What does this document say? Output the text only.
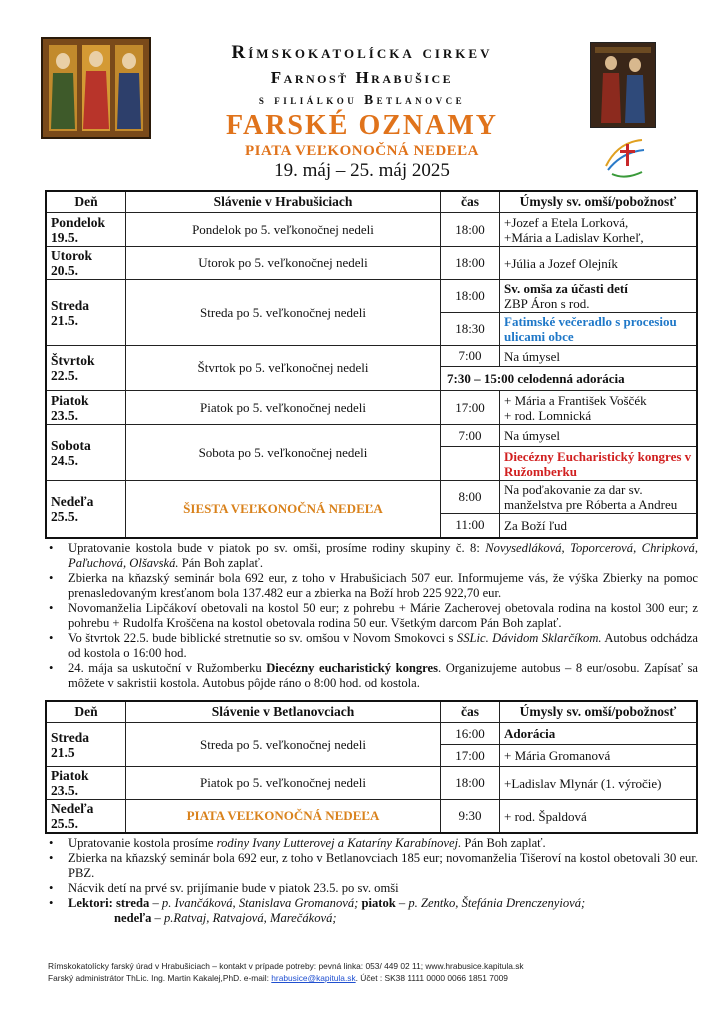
Rímskokatolícka cirkev
Farnosť Hrabušice
s filiálkou Betlanovce
FARSKÉ OZNAMY
PIATA VEĽKONOČNÁ NEDEĽA
19. máj – 25. máj 2025
Deň	Slávenie v Hrabušiciach	čas	Úmysly sv. omší/pobožnosť
Pondelok
19.5.	Pondelok po 5. veľkonočnej nedeli	18:00	+Jozef a Etela Lorková,
+Mária a Ladislav Korheľ,
Utorok
20.5.	Utorok po 5. veľkonočnej nedeli	18:00	+Júlia a Jozef Olejník
Streda
21.5.	Streda po 5. veľkonočnej nedeli	18:00	Sv. omša za účasti detí
ZBP Áron s rod.
		18:30	Fatimské večeradlo s procesiou ulicami obce
Štvrtok
22.5.	Štvrtok po 5. veľkonočnej nedeli	7:00	Na úmysel
		7:30 – 15:00 celodenná adorácia	
Piatok
23.5.	Piatok po 5. veľkonočnej nedeli	17:00	+ Mária a František Voščék
+ rod. Lomnická
Sobota
24.5.	Sobota po 5. veľkonočnej nedeli	7:00	Na úmysel
			Diecézny Eucharistický kongres v Ružomberku
Nedeľa
25.5.	ŠIESTA VEĽKONOČNÁ NEDEĽA	8:00	Na poďakovanie za dar sv. manželstva pre Róberta a Andreu
		11:00	Za Boží ľud
• Upratovanie kostola bude v piatok po sv. omši, prosíme rodiny skupiny č. 8: Novysedláková, Toporcerová, Chripková, Paľuchová, Olšavská. Pán Boh zaplať.
• Zbierka na kňazský seminár bola 692 eur, z toho v Hrabušiciach 507 eur. Informujeme vás, že výška Zbierky na pomoc prenasledovaným kresťanom bola 137.482 eur a zbierka na Boží hrob 225 922,70 eur.
• Novomanželia Lipčákoví obetovali na kostol 50 eur; z pohrebu + Márie Zacherovej obetovala rodina na kostol 300 eur; z pohrebu + Rudolfa Kroščena na kostol obetovala rodina 50 eur. Všetkým darcom Pán Boh zaplať.
• Vo štvrtok 22.5. bude biblické stretnutie so sv. omšou v Novom Smokovci s SSLic. Dávidom Sklarčíkom. Autobus odchádza od kostola o 16:00 hod.
• 24. mája sa uskutoční v Ružomberku Diecézny eucharistický kongres. Organizujeme autobus – 8 eur/osobu. Zapísať sa môžete v sakristii kostola. Autobus pôjde ráno o 8:00 hod. od kostola.
Deň	Slávenie v Betlanovciach	čas	Úmysly sv. omší/pobožnosť
Streda
21.5	Streda po 5. veľkonočnej nedeli	16:00	Adorácia
		17:00	+ Mária Gromanová
Piatok
23.5.	Piatok po 5. veľkonočnej nedeli	18:00	+Ladislav Mlynár (1. výročie)
Nedeľa
25.5.	PIATA VEĽKONOČNÁ NEDEĽA	9:30	+ rod. Špaldová
• Upratovanie kostola prosíme rodiny Ivany Lutterovej a Kataríny Karabínovej. Pán Boh zaplať.
• Zbierka na kňazský seminár bola 692 eur, z toho v Betlanovciach 185 eur; novomanželia Tišeroví na kostol obetovali 30 eur. PBZ.
• Nácvik detí na prvé sv. prijímanie bude v piatok 23.5. po sv. omši
• Lektori: streda – p. Ivančáková, Stanislava Gromanová; piatok – p. Zentko, Štefánia Drenczenyiová;
nedeľa – p.Ratvaj, Ratvajová, Marečáková;
Rímskokatolícky farský úrad v Hrabušiciach – kontakt v prípade potreby: pevná linka: 053/ 449 02 11; www.hrabusice.kapitula.sk
Farský administrátor ThLic. Ing. Martin Kakalej,PhD. e-mail: hrabusice@kapitula.sk. Účet : SK38 1111 0000 0066 1851 7009
